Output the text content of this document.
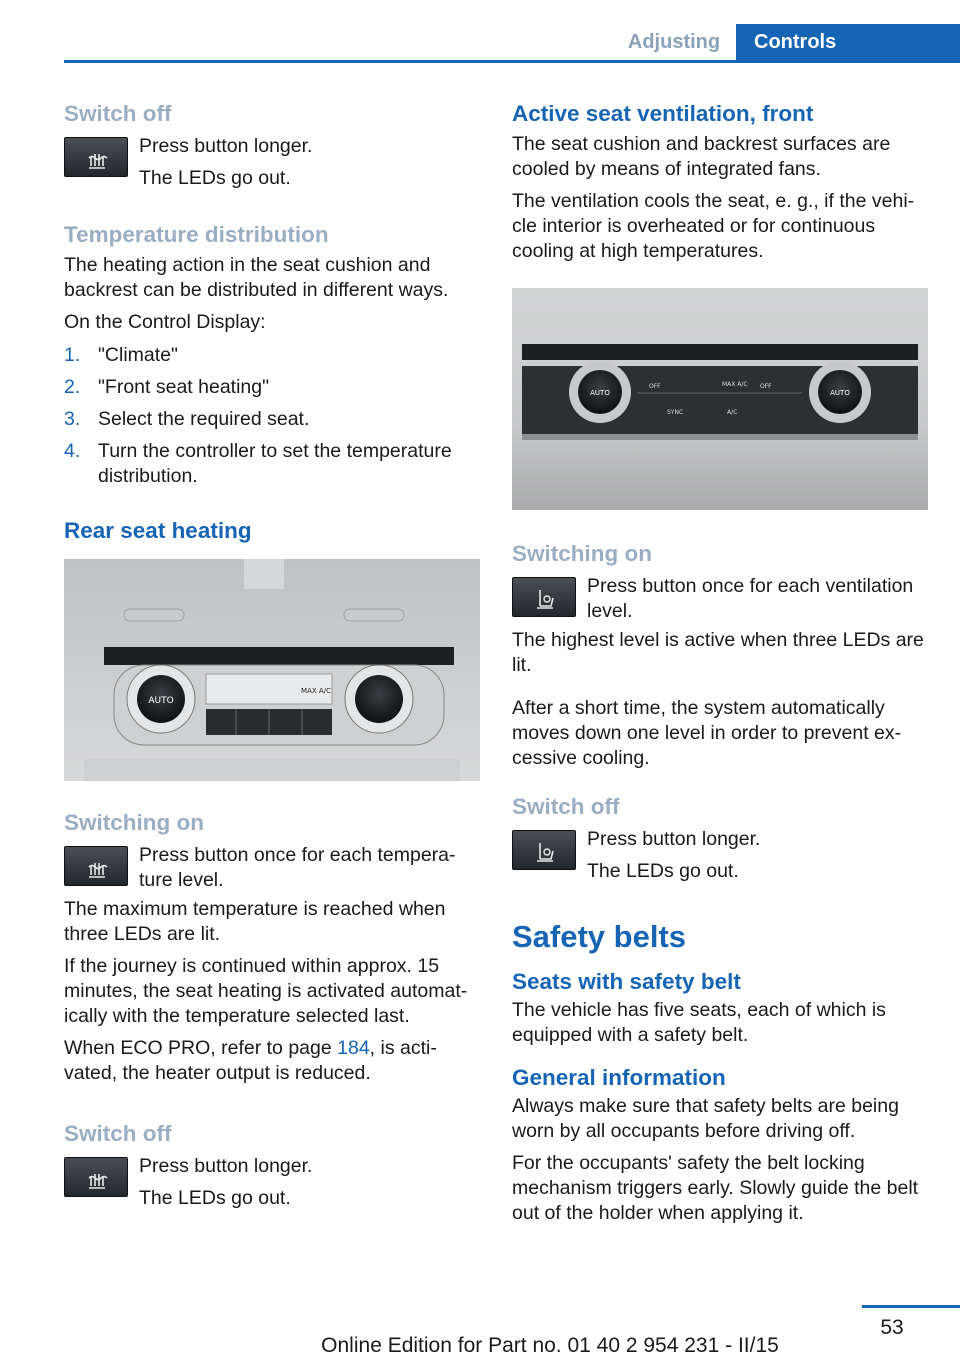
Adjusting	Controls
Switch off

Press button longer.

The LEDs go out.

Temperature distribution

The heating action in the seat cushion and backrest can be distributed in different ways.

On the Control Display:

1. "Climate"
2. "Front seat heating"
3. Select the required seat.
4. Turn the controller to set the temperature distribution.
Rear seat heating
AUTO
MAX A/C
Switching on

Press button once for each tempera‐ture level.

The maximum temperature is reached when three LEDs are lit.

If the journey is continued within approx. 15 minutes, the seat heating is activated automat‐ically with the temperature selected last.

When ECO PRO, refer to page 184, is acti‐vated, the heater output is reduced.

Switch off

Press button longer.

The LEDs go out.

Active seat ventilation, front

The seat cushion and backrest surfaces are cooled by means of integrated fans.

The ventilation cools the seat, e. g., if the vehi‐cle interior is overheated or for continuous cooling at high temperatures.

AUTO	AUTO
OFF	MAX A/C OFF
SYNC	A/C
Switching on

Press button once for each ventilation level.

The highest level is active when three LEDs are lit.

After a short time, the system automatically moves down one level in order to prevent ex‐cessive cooling.

Switch off

Press button longer.

The LEDs go out.

Safety belts
Seats with safety belt

The vehicle has five seats, each of which is equipped with a safety belt.

General information

Always make sure that safety belts are being worn by all occupants before driving off.

For the occupants' safety the belt locking mechanism triggers early. Slowly guide the belt out of the holder when applying it.

53
Online Edition for Part no. 01 40 2 954 231 - II/15
